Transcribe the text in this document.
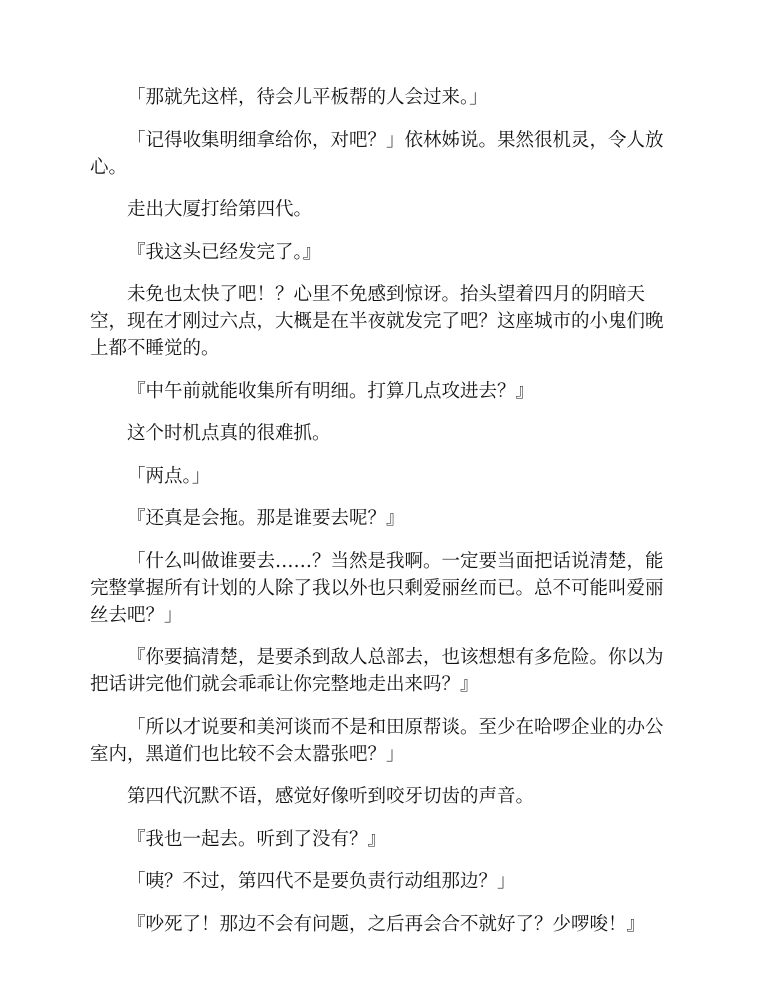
「那就先这样，待会儿平板帮的人会过来。」

「记得收集明细拿给你，对吧？」依林姊说。果然很机灵，令人放心。

走出大厦打给第四代。

『我这头已经发完了。』

未免也太快了吧！？心里不免感到惊讶。抬头望着四月的阴暗天空，现在才刚过六点，大概是在半夜就发完了吧？这座城市的小鬼们晚上都不睡觉的。

『中午前就能收集所有明细。打算几点攻进去？』

这个时机点真的很难抓。

「两点。」

『还真是会拖。那是谁要去呢？』

「什么叫做谁要去……？当然是我啊。一定要当面把话说清楚，能完整掌握所有计划的人除了我以外也只剩爱丽丝而已。总不可能叫爱丽丝去吧？」

『你要搞清楚，是要杀到敌人总部去，也该想想有多危险。你以为把话讲完他们就会乖乖让你完整地走出来吗？』

「所以才说要和美河谈而不是和田原帮谈。至少在哈啰企业的办公室内，黑道们也比较不会太嚣张吧？」

第四代沉默不语，感觉好像听到咬牙切齿的声音。

『我也一起去。听到了没有？』

「咦？不过，第四代不是要负责行动组那边？」

『吵死了！那边不会有问题，之后再会合不就好了？少啰唆！』
